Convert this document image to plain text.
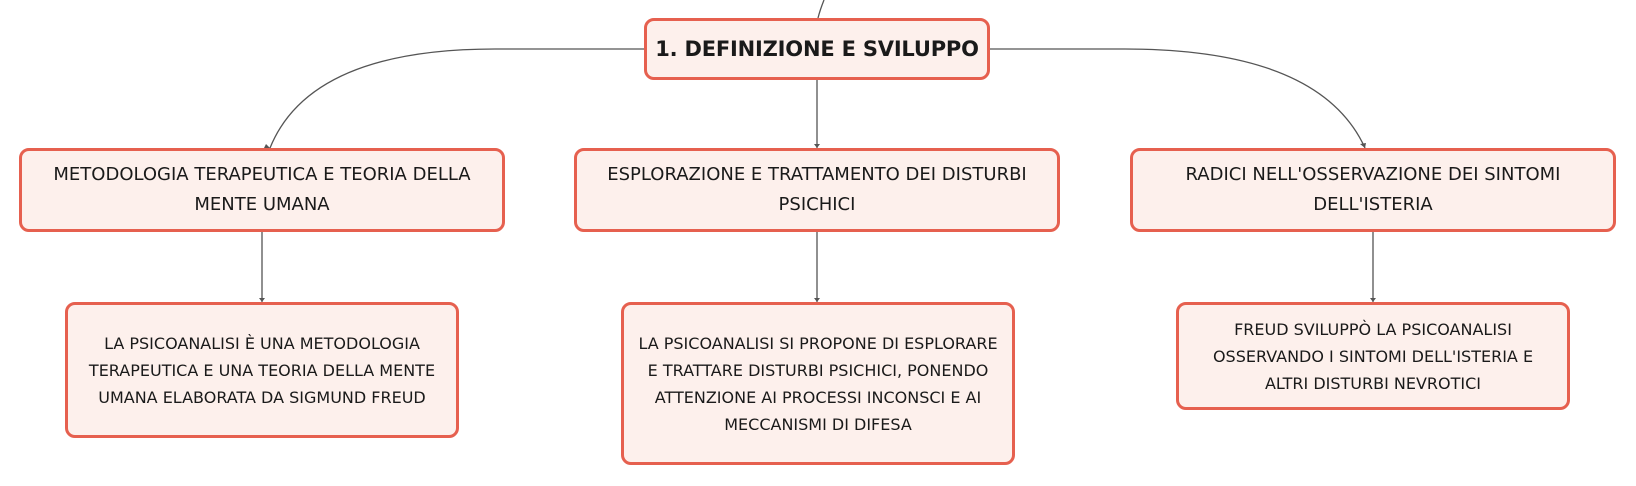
1. DEFINIZIONE E SVILUPPO
METODOLOGIA TERAPEUTICA E TEORIA DELLA MENTE UMANA
ESPLORAZIONE E TRATTAMENTO DEI DISTURBI PSICHICI
RADICI NELL'OSSERVAZIONE DEI SINTOMI DELL'ISTERIA
LA PSICOANALISI È UNA METODOLOGIA TERAPEUTICA E UNA TEORIA DELLA MENTE UMANA ELABORATA DA SIGMUND FREUD
LA PSICOANALISI SI PROPONE DI ESPLORARE E TRATTARE DISTURBI PSICHICI, PONENDO ATTENZIONE AI PROCESSI INCONSCI E AI MECCANISMI DI DIFESA
FREUD SVILUPPÒ LA PSICOANALISI OSSERVANDO I SINTOMI DELL'ISTERIA E ALTRI DISTURBI NEVROTICI
